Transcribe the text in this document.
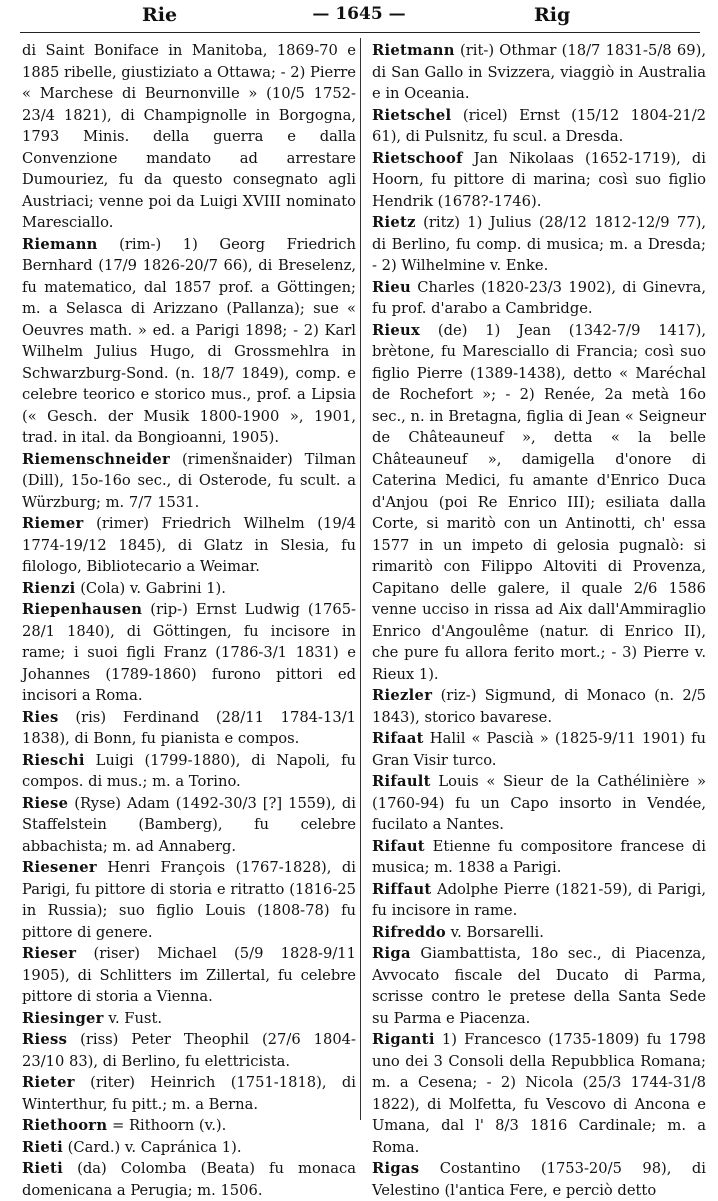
Rie	— 1645 —	Rig

di Saint Boniface in Manitoba, 1869-70 e 1885 ribelle, giustiziato a Ottawa; - 2) Pierre « Marchese di Beurnonville » (10/5 1752-23/4 1821), di Champignolle in Borgogna, 1793 Minis. della guerra e dalla Convenzione mandato ad arrestare Dumouriez, fu da questo consegnato agli Austriaci; venne poi da Luigi XVIII nominato Maresciallo.

Riemann (rim-) 1) Georg Friedrich Bernhard (17/9 1826-20/7 66), di Breselenz, fu matematico, dal 1857 prof. a Göttingen; m. a Selasca di Arizzano (Pallanza); sue « Oeuvres math. » ed. a Parigi 1898; - 2) Karl Wilhelm Julius Hugo, di Grossmehlra in Schwarzburg-Sond. (n. 18/7 1849), comp. e celebre teorico e storico mus., prof. a Lipsia (« Gesch. der Musik 1800-1900 », 1901, trad. in ital. da Bongioanni, 1905).

Riemenschneider (rimenšnaider) Tilman (Dill), 15o-16o sec., di Osterode, fu scult. a Würzburg; m. 7/7 1531.

Riemer (rimer) Friedrich Wilhelm (19/4 1774-19/12 1845), di Glatz in Slesia, fu filologo, Bibliotecario a Weimar.

Rienzi (Cola) v. Gabrini 1).

Riepenhausen (rip-) Ernst Ludwig (1765-28/1 1840), di Göttingen, fu incisore in rame; i suoi figli Franz (1786-3/1 1831) e Johannes (1789-1860) furono pittori ed incisori a Roma.

Ries (ris) Ferdinand (28/11 1784-13/1 1838), di Bonn, fu pianista e compos.

Rieschi Luigi (1799-1880), di Napoli, fu compos. di mus.; m. a Torino.

Riese (Ryse) Adam (1492-30/3 [?] 1559), di Staffelstein (Bamberg), fu celebre abbachista; m. ad Annaberg.

Riesener Henri François (1767-1828), di Parigi, fu pittore di storia e ritratto (1816-25 in Russia); suo figlio Louis (1808-78) fu pittore di genere.

Rieser (riser) Michael (5/9 1828-9/11 1905), di Schlitters im Zillertal, fu celebre pittore di storia a Vienna.

Riesinger v. Fust.

Riess (riss) Peter Theophil (27/6 1804-23/10 83), di Berlino, fu elettricista.

Rieter (riter) Heinrich (1751-1818), di Winterthur, fu pitt.; m. a Berna.

Riethoorn = Rithoorn (v.).

Rieti (Card.) v. Capránica 1).

Rieti (da) Colomba (Beata) fu monaca domenicana a Perugia; m. 1506.

Rietmann (rit-) Othmar (18/7 1831-5/8 69), di San Gallo in Svizzera, viaggiò in Australia e in Oceania.

Rietschel (ricel) Ernst (15/12 1804-21/2 61), di Pulsnitz, fu scul. a Dresda.

Rietschoof Jan Nikolaas (1652-1719), di Hoorn, fu pittore di marina; così suo figlio Hendrik (1678?-1746).

Rietz (ritz) 1) Julius (28/12 1812-12/9 77), di Berlino, fu comp. di musica; m. a Dresda; - 2) Wilhelmine v. Enke.

Rieu Charles (1820-23/3 1902), di Ginevra, fu prof. d'arabo a Cambridge.

Rieux (de) 1) Jean (1342-7/9 1417), brètone, fu Maresciallo di Francia; così suo figlio Pierre (1389-1438), detto « Maréchal de Rochefort »; - 2) Renée, 2a metà 16o sec., n. in Bretagna, figlia di Jean « Seigneur de Châteauneuf », detta « la belle Châteauneuf », damigella d'onore di Caterina Medici, fu amante d'Enrico Duca d'Anjou (poi Re Enrico III); esiliata dalla Corte, si maritò con un Antinotti, ch' essa 1577 in un impeto di gelosia pugnalò: si rimaritò con Filippo Altoviti di Provenza, Capitano delle galere, il quale 2/6 1586 venne ucciso in rissa ad Aix dall'Ammiraglio Enrico d'Angoulême (natur. di Enrico II), che pure fu allora ferito mort.; - 3) Pierre v. Rieux 1).

Riezler (riz-) Sigmund, di Monaco (n. 2/5 1843), storico bavarese.

Rifaat Halil « Pascià » (1825-9/11 1901) fu Gran Visir turco.

Rifault Louis « Sieur de la Cathélinière » (1760-94) fu un Capo insorto in Vendée, fucilato a Nantes.

Rifaut Etienne fu compositore francese di musica; m. 1838 a Parigi.

Riffaut Adolphe Pierre (1821-59), di Parigi, fu incisore in rame.

Rifreddo v. Borsarelli.

Riga Giambattista, 18o sec., di Piacenza, Avvocato fiscale del Ducato di Parma, scrisse contro le pretese della Santa Sede su Parma e Piacenza.

Riganti 1) Francesco (1735-1809) fu 1798 uno dei 3 Consoli della Repubblica Romana; m. a Cesena; - 2) Nicola (25/3 1744-31/8 1822), di Molfetta, fu Vescovo di Ancona e Umana, dal l' 8/3 1816 Cardinale; m. a Roma.

Rigas Costantino (1753-20/5 98), di Velestino (l'antica Fere, e perciò detto
